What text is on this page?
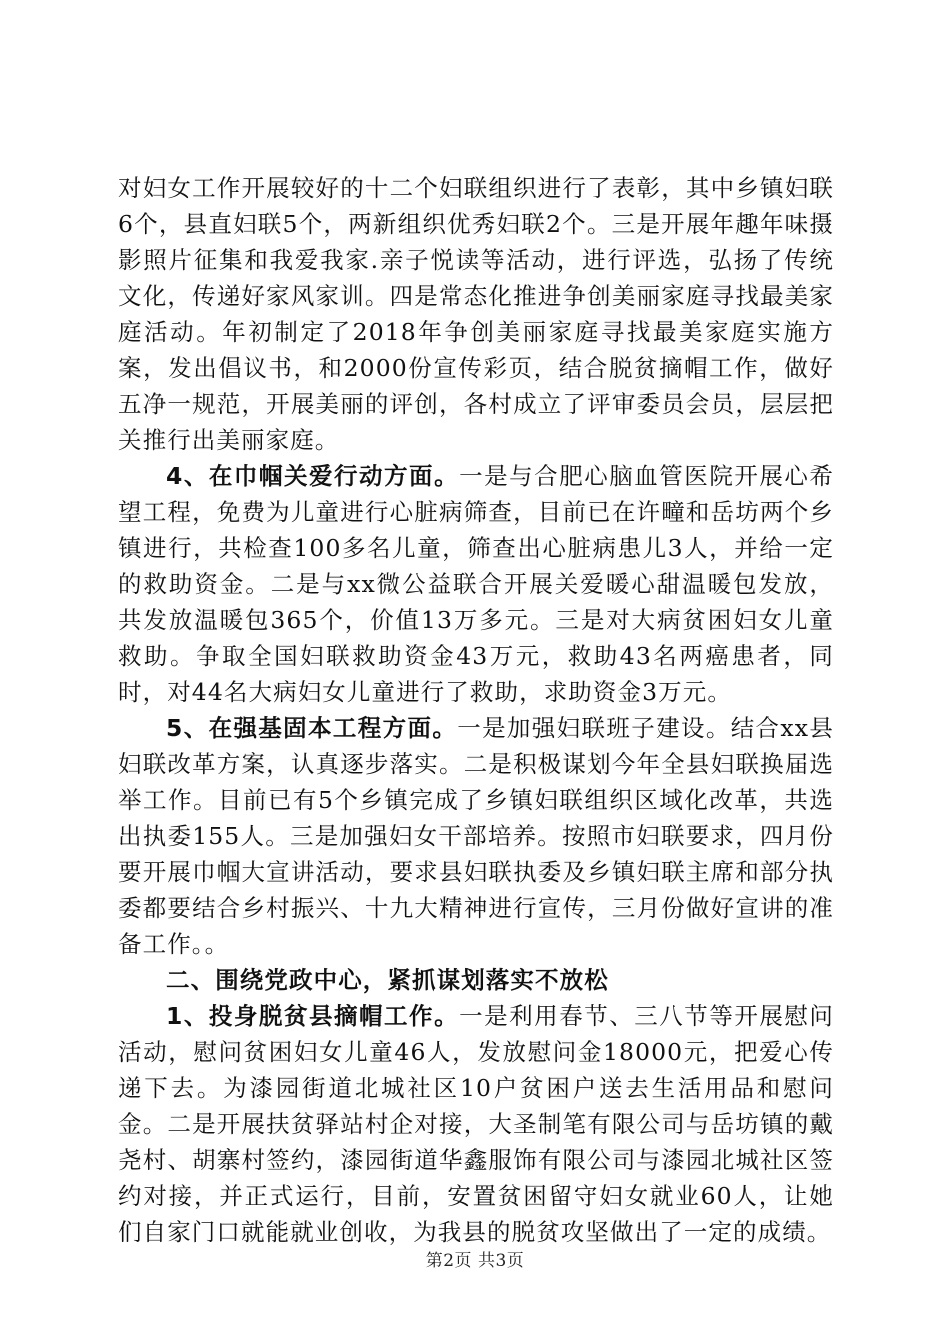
对妇女工作开展较好的十二个妇联组织进行了表彰，其中乡镇妇联6个，县直妇联5个，两新组织优秀妇联2个。三是开展年趣年味摄影照片征集和我爱我家.亲子悦读等活动，进行评选，弘扬了传统文化，传递好家风家训。四是常态化推进争创美丽家庭寻找最美家庭活动。年初制定了2018年争创美丽家庭寻找最美家庭实施方案，发出倡议书，和2000份宣传彩页，结合脱贫摘帽工作，做好五净一规范，开展美丽的评创，各村成立了评审委员会员，层层把关推行出美丽家庭。

4、在巾帼关爱行动方面。一是与合肥心脑血管医院开展心希望工程，免费为儿童进行心脏病筛查，目前已在许疃和岳坊两个乡镇进行，共检查100多名儿童，筛查出心脏病患儿3人，并给一定的救助资金。二是与xx微公益联合开展关爱暖心甜温暖包发放，共发放温暖包365个，价值13万多元。三是对大病贫困妇女儿童救助。争取全国妇联救助资金43万元，救助43名两癌患者，同时，对44名大病妇女儿童进行了救助，求助资金3万元。

5、在强基固本工程方面。一是加强妇联班子建设。结合xx县妇联改革方案，认真逐步落实。二是积极谋划今年全县妇联换届选举工作。目前已有5个乡镇完成了乡镇妇联组织区域化改革，共选出执委155人。三是加强妇女干部培养。按照市妇联要求，四月份要开展巾帼大宣讲活动，要求县妇联执委及乡镇妇联主席和部分执委都要结合乡村振兴、十九大精神进行宣传，三月份做好宣讲的准备工作。。

二、围绕党政中心，紧抓谋划落实不放松

1、投身脱贫县摘帽工作。一是利用春节、三八节等开展慰问活动，慰问贫困妇女儿童46人，发放慰问金18000元，把爱心传递下去。为漆园街道北城社区10户贫困户送去生活用品和慰问金。二是开展扶贫驿站村企对接，大圣制笔有限公司与岳坊镇的戴尧村、胡寨村签约，漆园街道华鑫服饰有限公司与漆园北城社区签约对接，并正式运行，目前，安置贫困留守妇女就业60人，让她们自家门口就能就业创收，为我县的脱贫攻坚做出了一定的成绩。

第2页 共3页
